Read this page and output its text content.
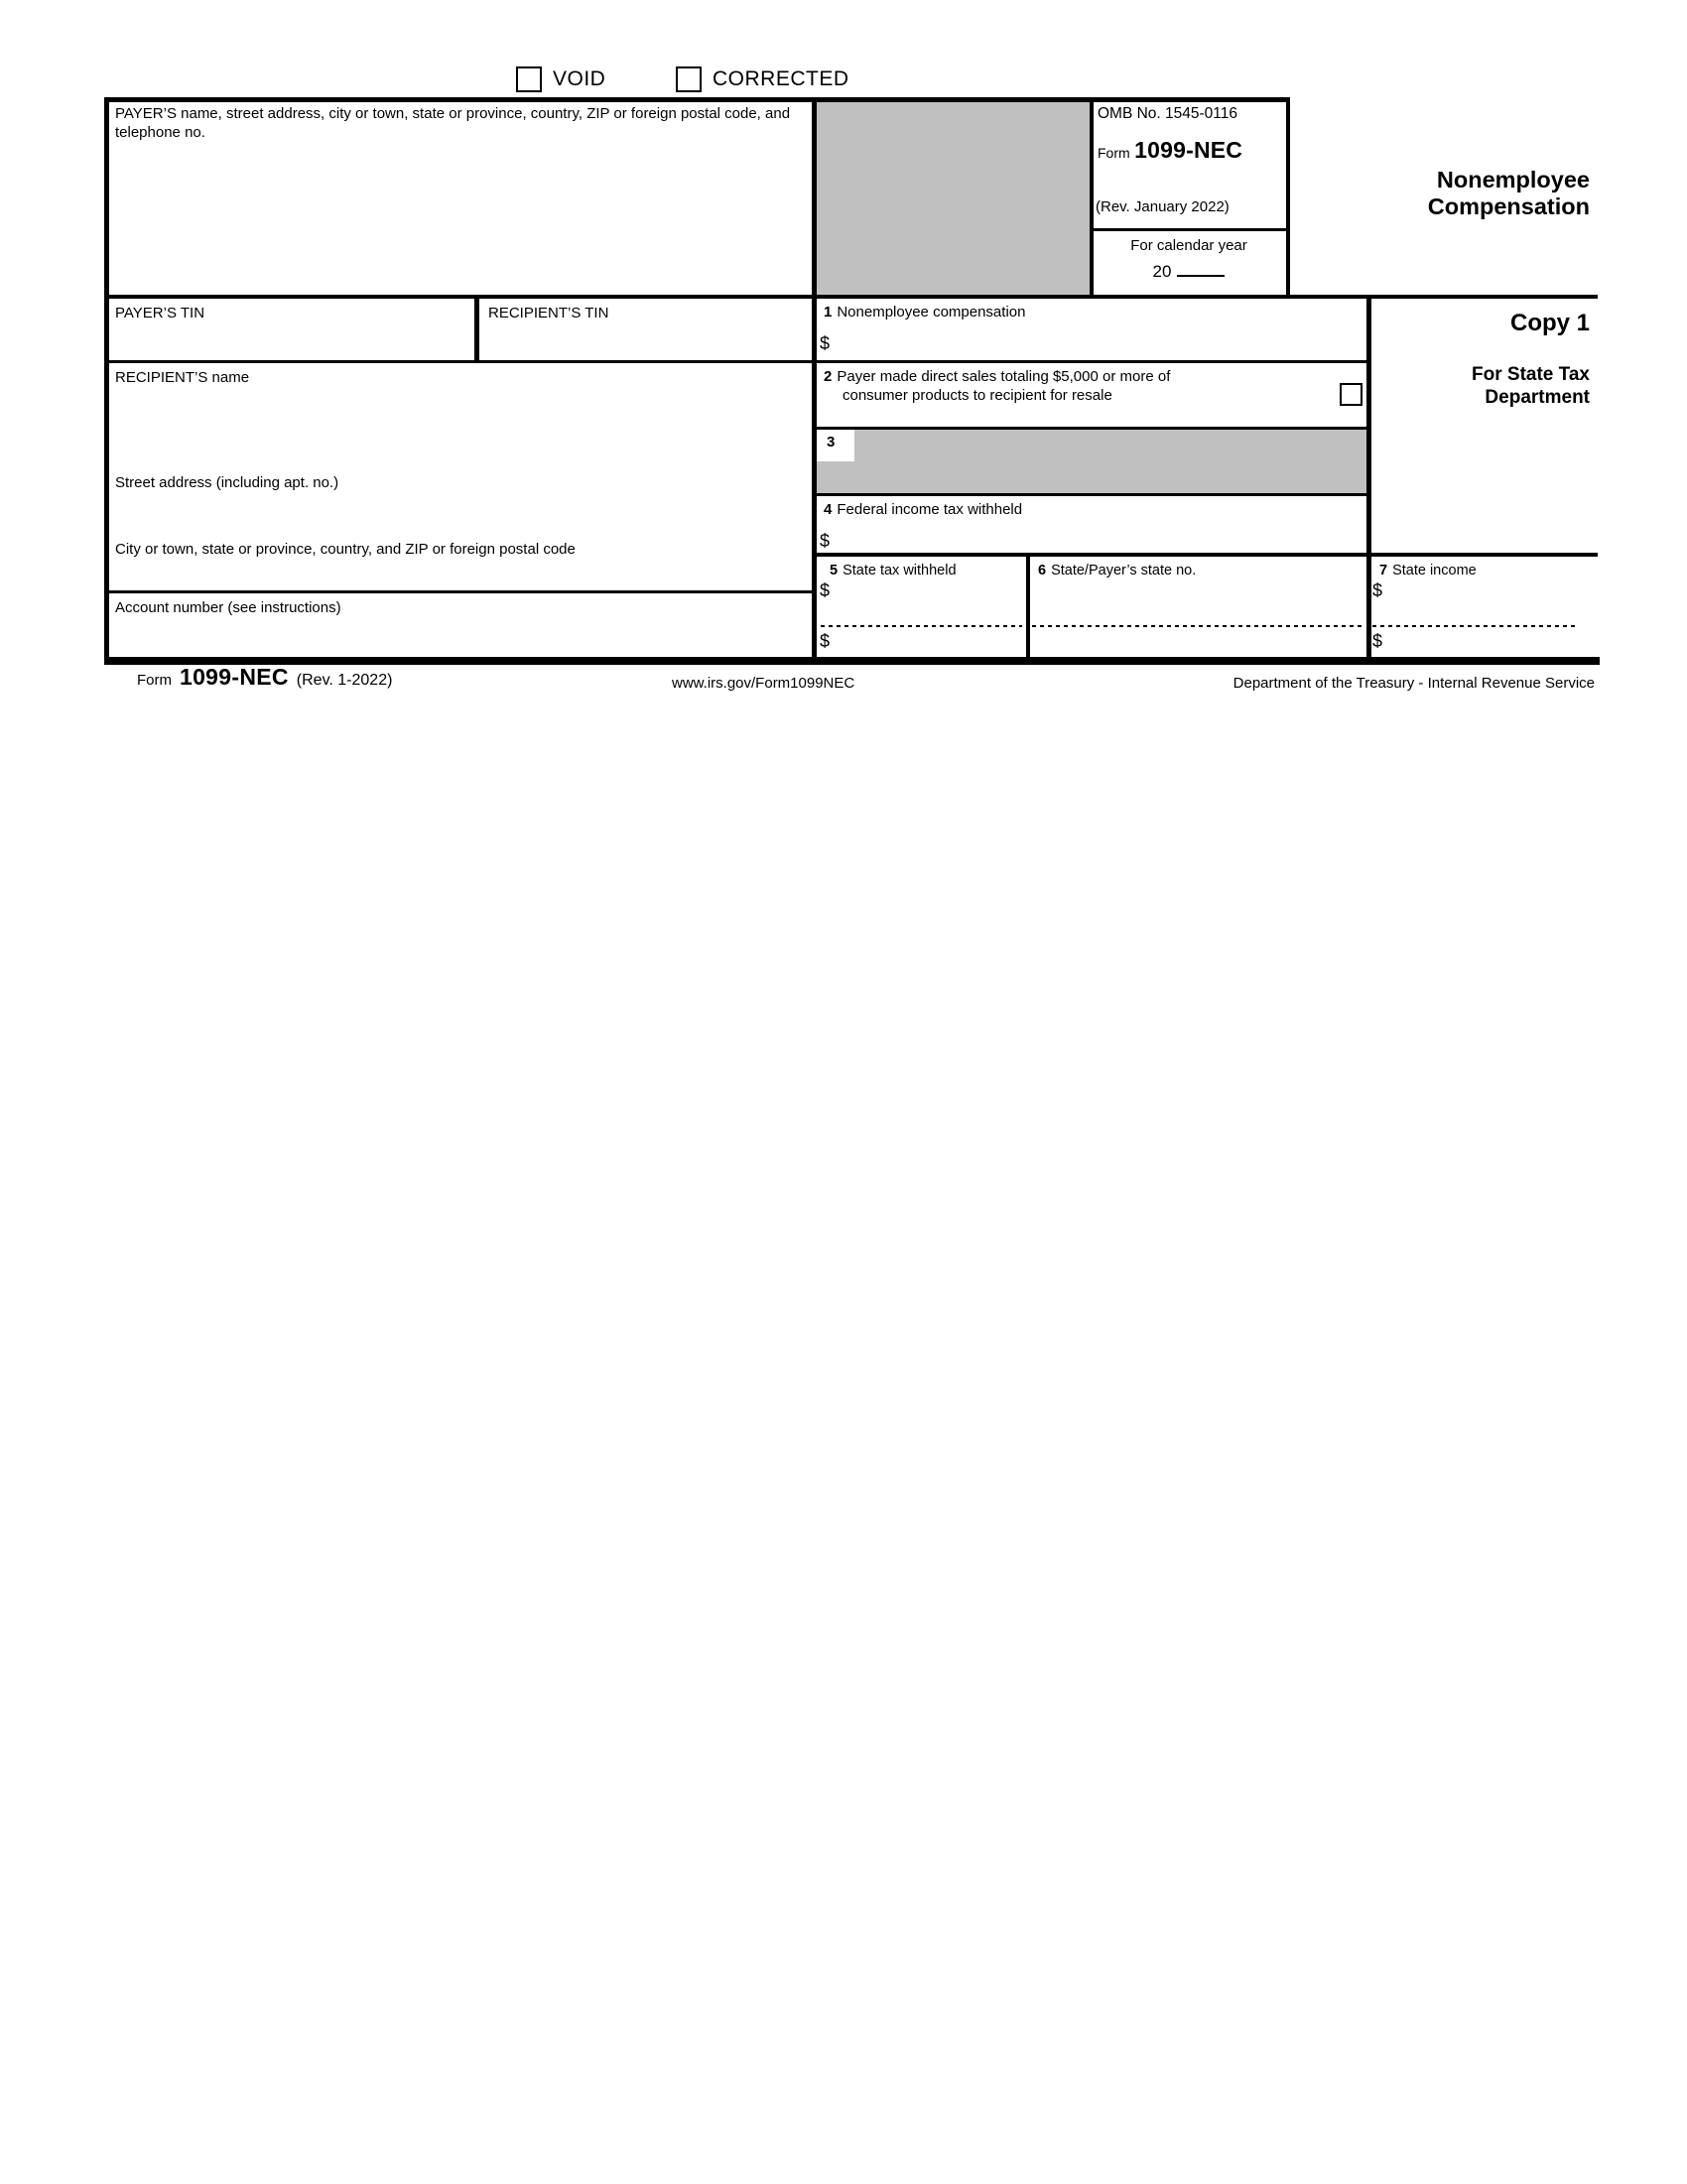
VOID	CORRECTED
PAYER’S name, street address, city or town, state or province, country, ZIP or foreign postal code, and telephone no.
OMB No. 1545-0116
Form 1099-NEC
(Rev. January 2022)
For calendar year
20
Nonemployee
Compensation
Copy 1
For State Tax
Department
PAYER’S TIN	RECIPIENT’S TIN	1 Nonemployee compensation
$
2 Payer made direct sales totaling $5,000 or more of
consumer products to recipient for resale
3
4 Federal income tax withheld
$
RECIPIENT’S name
Street address (including apt. no.)
City or town, state or province, country, and ZIP or foreign postal code
Account number (see instructions)
5 State tax withheld
$
$
6 State/Payer’s state no.	7 State income
$
$
Form 1099-NEC (Rev. 1-2022)	www.irs.gov/Form1099NEC	Department of the Treasury - Internal Revenue Service
